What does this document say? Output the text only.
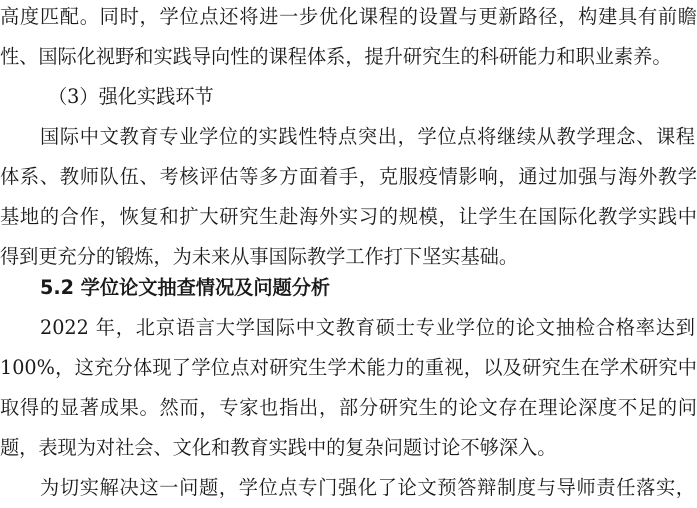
高度匹配。同时，学位点还将进一步优化课程的设置与更新路径，构建具有前瞻
性、国际化视野和实践导向性的课程体系，提升研究生的科研能力和职业素养。
（3）强化实践环节
国际中文教育专业学位的实践性特点突出，学位点将继续从教学理念、课程
体系、教师队伍、考核评估等多方面着手，克服疫情影响，通过加强与海外教学
基地的合作，恢复和扩大研究生赴海外实习的规模，让学生在国际化教学实践中
得到更充分的锻炼，为未来从事国际教学工作打下坚实基础。
5.2 学位论文抽查情况及问题分析
2022 年，北京语言大学国际中文教育硕士专业学位的论文抽检合格率达到
100%，这充分体现了学位点对研究生学术能力的重视，以及研究生在学术研究中
取得的显著成果。然而，专家也指出，部分研究生的论文存在理论深度不足的问
题，表现为对社会、文化和教育实践中的复杂问题讨论不够深入。
为切实解决这一问题，学位点专门强化了论文预答辩制度与导师责任落实，
